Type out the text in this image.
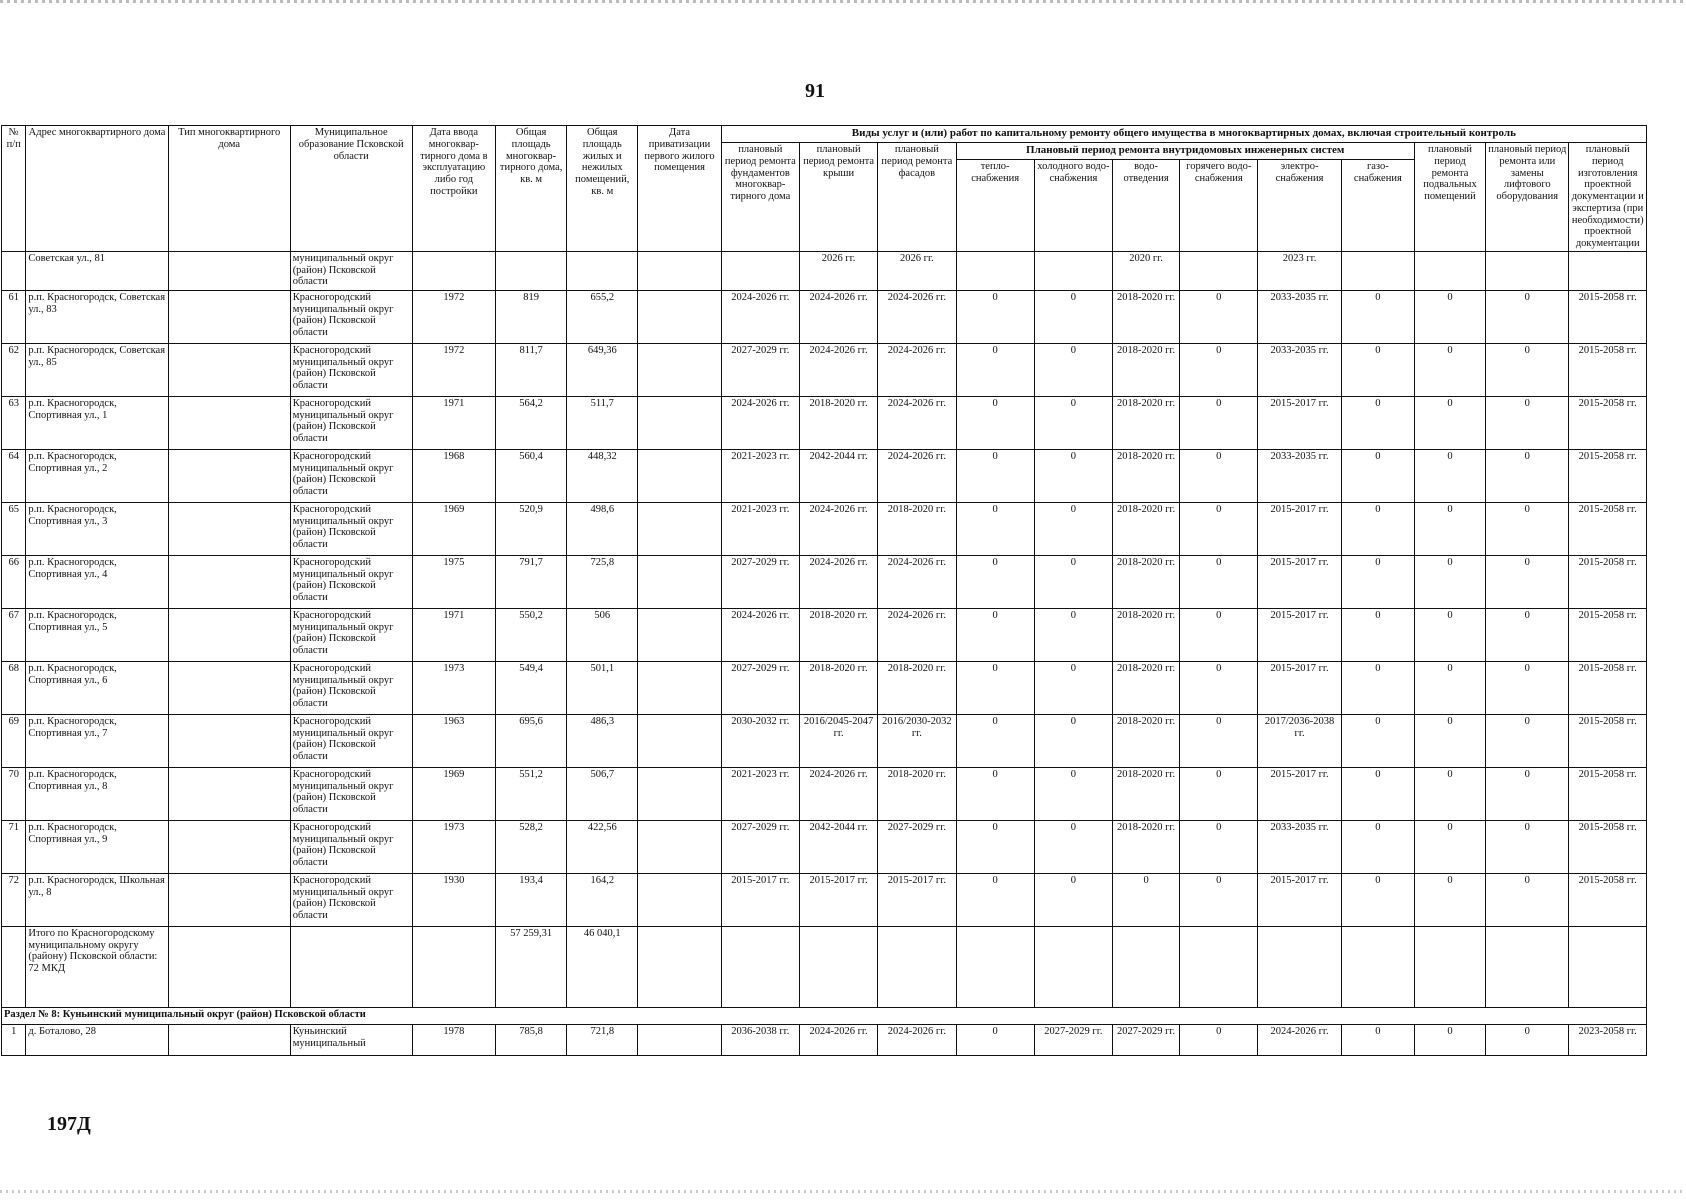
91
№ п/п	Адрес многоквартирного дома	Тип многоквартирного дома	Муниципальное образование Псковской области	Дата ввода многоквар-тирного дома в эксплуатацию либо год постройки	Общая площадь многоквар-тирного дома, кв. м	Общая площадь жилых и нежилых помещений, кв. м	Дата приватизации первого жилого помещения	Виды услуг и (или) работ по капитальному ремонту общего имущества в многоквартирных домах, включая строительный контроль											
								плановый период ремонта фундаментов многоквар-тирного дома	плановый период ремонта крыши	плановый период ремонта фасадов	Плановый период ремонта внутридомовых инженерных систем						плановый период ремонта подвальных помещений	плановый период ремонта или замены лифтового оборудования	плановый период изготовления проектной документации и экспертиза (при необходимости) проектной документации
											тепло-снабжения	холодного водо-снабжения	водо-отведения	горячего водо-снабжения	электро-снабжения	газо-снабжения			
	Советская ул., 81		муниципальный округ (район) Псковской области						2026 гг.	2026 гг.			2020 гг.		2023 гг.				
61	р.п. Красногородск, Советская ул., 83		Красногородский муниципальный округ (район) Псковской области	1972	819	655,2		2024-2026 гг.	2024-2026 гг.	2024-2026 гг.	0	0	2018-2020 гг.	0	2033-2035 гг.	0	0	0	2015-2058 гг.
62	р.п. Красногородск, Советская ул., 85		Красногородский муниципальный округ (район) Псковской области	1972	811,7	649,36		2027-2029 гг.	2024-2026 гг.	2024-2026 гг.	0	0	2018-2020 гг.	0	2033-2035 гг.	0	0	0	2015-2058 гг.
63	р.п. Красногородск, Спортивная ул., 1		Красногородский муниципальный округ (район) Псковской области	1971	564,2	511,7		2024-2026 гг.	2018-2020 гг.	2024-2026 гг.	0	0	2018-2020 гг.	0	2015-2017 гг.	0	0	0	2015-2058 гг.
64	р.п. Красногородск, Спортивная ул., 2		Красногородский муниципальный округ (район) Псковской области	1968	560,4	448,32		2021-2023 гг.	2042-2044 гг.	2024-2026 гг.	0	0	2018-2020 гг.	0	2033-2035 гг.	0	0	0	2015-2058 гг.
65	р.п. Красногородск, Спортивная ул., 3		Красногородский муниципальный округ (район) Псковской области	1969	520,9	498,6		2021-2023 гг.	2024-2026 гг.	2018-2020 гг.	0	0	2018-2020 гг.	0	2015-2017 гг.	0	0	0	2015-2058 гг.
66	р.п. Красногородск, Спортивная ул., 4		Красногородский муниципальный округ (район) Псковской области	1975	791,7	725,8		2027-2029 гг.	2024-2026 гг.	2024-2026 гг.	0	0	2018-2020 гг.	0	2015-2017 гг.	0	0	0	2015-2058 гг.
67	р.п. Красногородск, Спортивная ул., 5		Красногородский муниципальный округ (район) Псковской области	1971	550,2	506		2024-2026 гг.	2018-2020 гг.	2024-2026 гг.	0	0	2018-2020 гг.	0	2015-2017 гг.	0	0	0	2015-2058 гг.
68	р.п. Красногородск, Спортивная ул., 6		Красногородский муниципальный округ (район) Псковской области	1973	549,4	501,1		2027-2029 гг.	2018-2020 гг.	2018-2020 гг.	0	0	2018-2020 гг.	0	2015-2017 гг.	0	0	0	2015-2058 гг.
69	р.п. Красногородск, Спортивная ул., 7		Красногородский муниципальный округ (район) Псковской области	1963	695,6	486,3		2030-2032 гг.	2016/2045-2047 гг.	2016/2030-2032 гг.	0	0	2018-2020 гг.	0	2017/2036-2038 гг.	0	0	0	2015-2058 гг.
70	р.п. Красногородск, Спортивная ул., 8		Красногородский муниципальный округ (район) Псковской области	1969	551,2	506,7		2021-2023 гг.	2024-2026 гг.	2018-2020 гг.	0	0	2018-2020 гг.	0	2015-2017 гг.	0	0	0	2015-2058 гг.
71	р.п. Красногородск, Спортивная ул., 9		Красногородский муниципальный округ (район) Псковской области	1973	528,2	422,56		2027-2029 гг.	2042-2044 гг.	2027-2029 гг.	0	0	2018-2020 гг.	0	2033-2035 гг.	0	0	0	2015-2058 гг.
72	р.п. Красногородск, Школьная ул., 8		Красногородский муниципальный округ (район) Псковской области	1930	193,4	164,2		2015-2017 гг.	2015-2017 гг.	2015-2017 гг.	0	0	0	0	2015-2017 гг.	0	0	0	2015-2058 гг.
	Итого по Красногородскому муниципальному округу (району) Псковской области: 72 МКД				57 259,31	46 040,1													
Раздел № 8: Куньинский муниципальный округ (район) Псковской области																			
1	д. Боталово, 28		Куньинский муниципальный	1978	785,8	721,8		2036-2038 гг.	2024-2026 гг.	2024-2026 гг.	0	2027-2029 гг.	2027-2029 гг.	0	2024-2026 гг.	0	0	0	2023-2058 гг.
197Д
